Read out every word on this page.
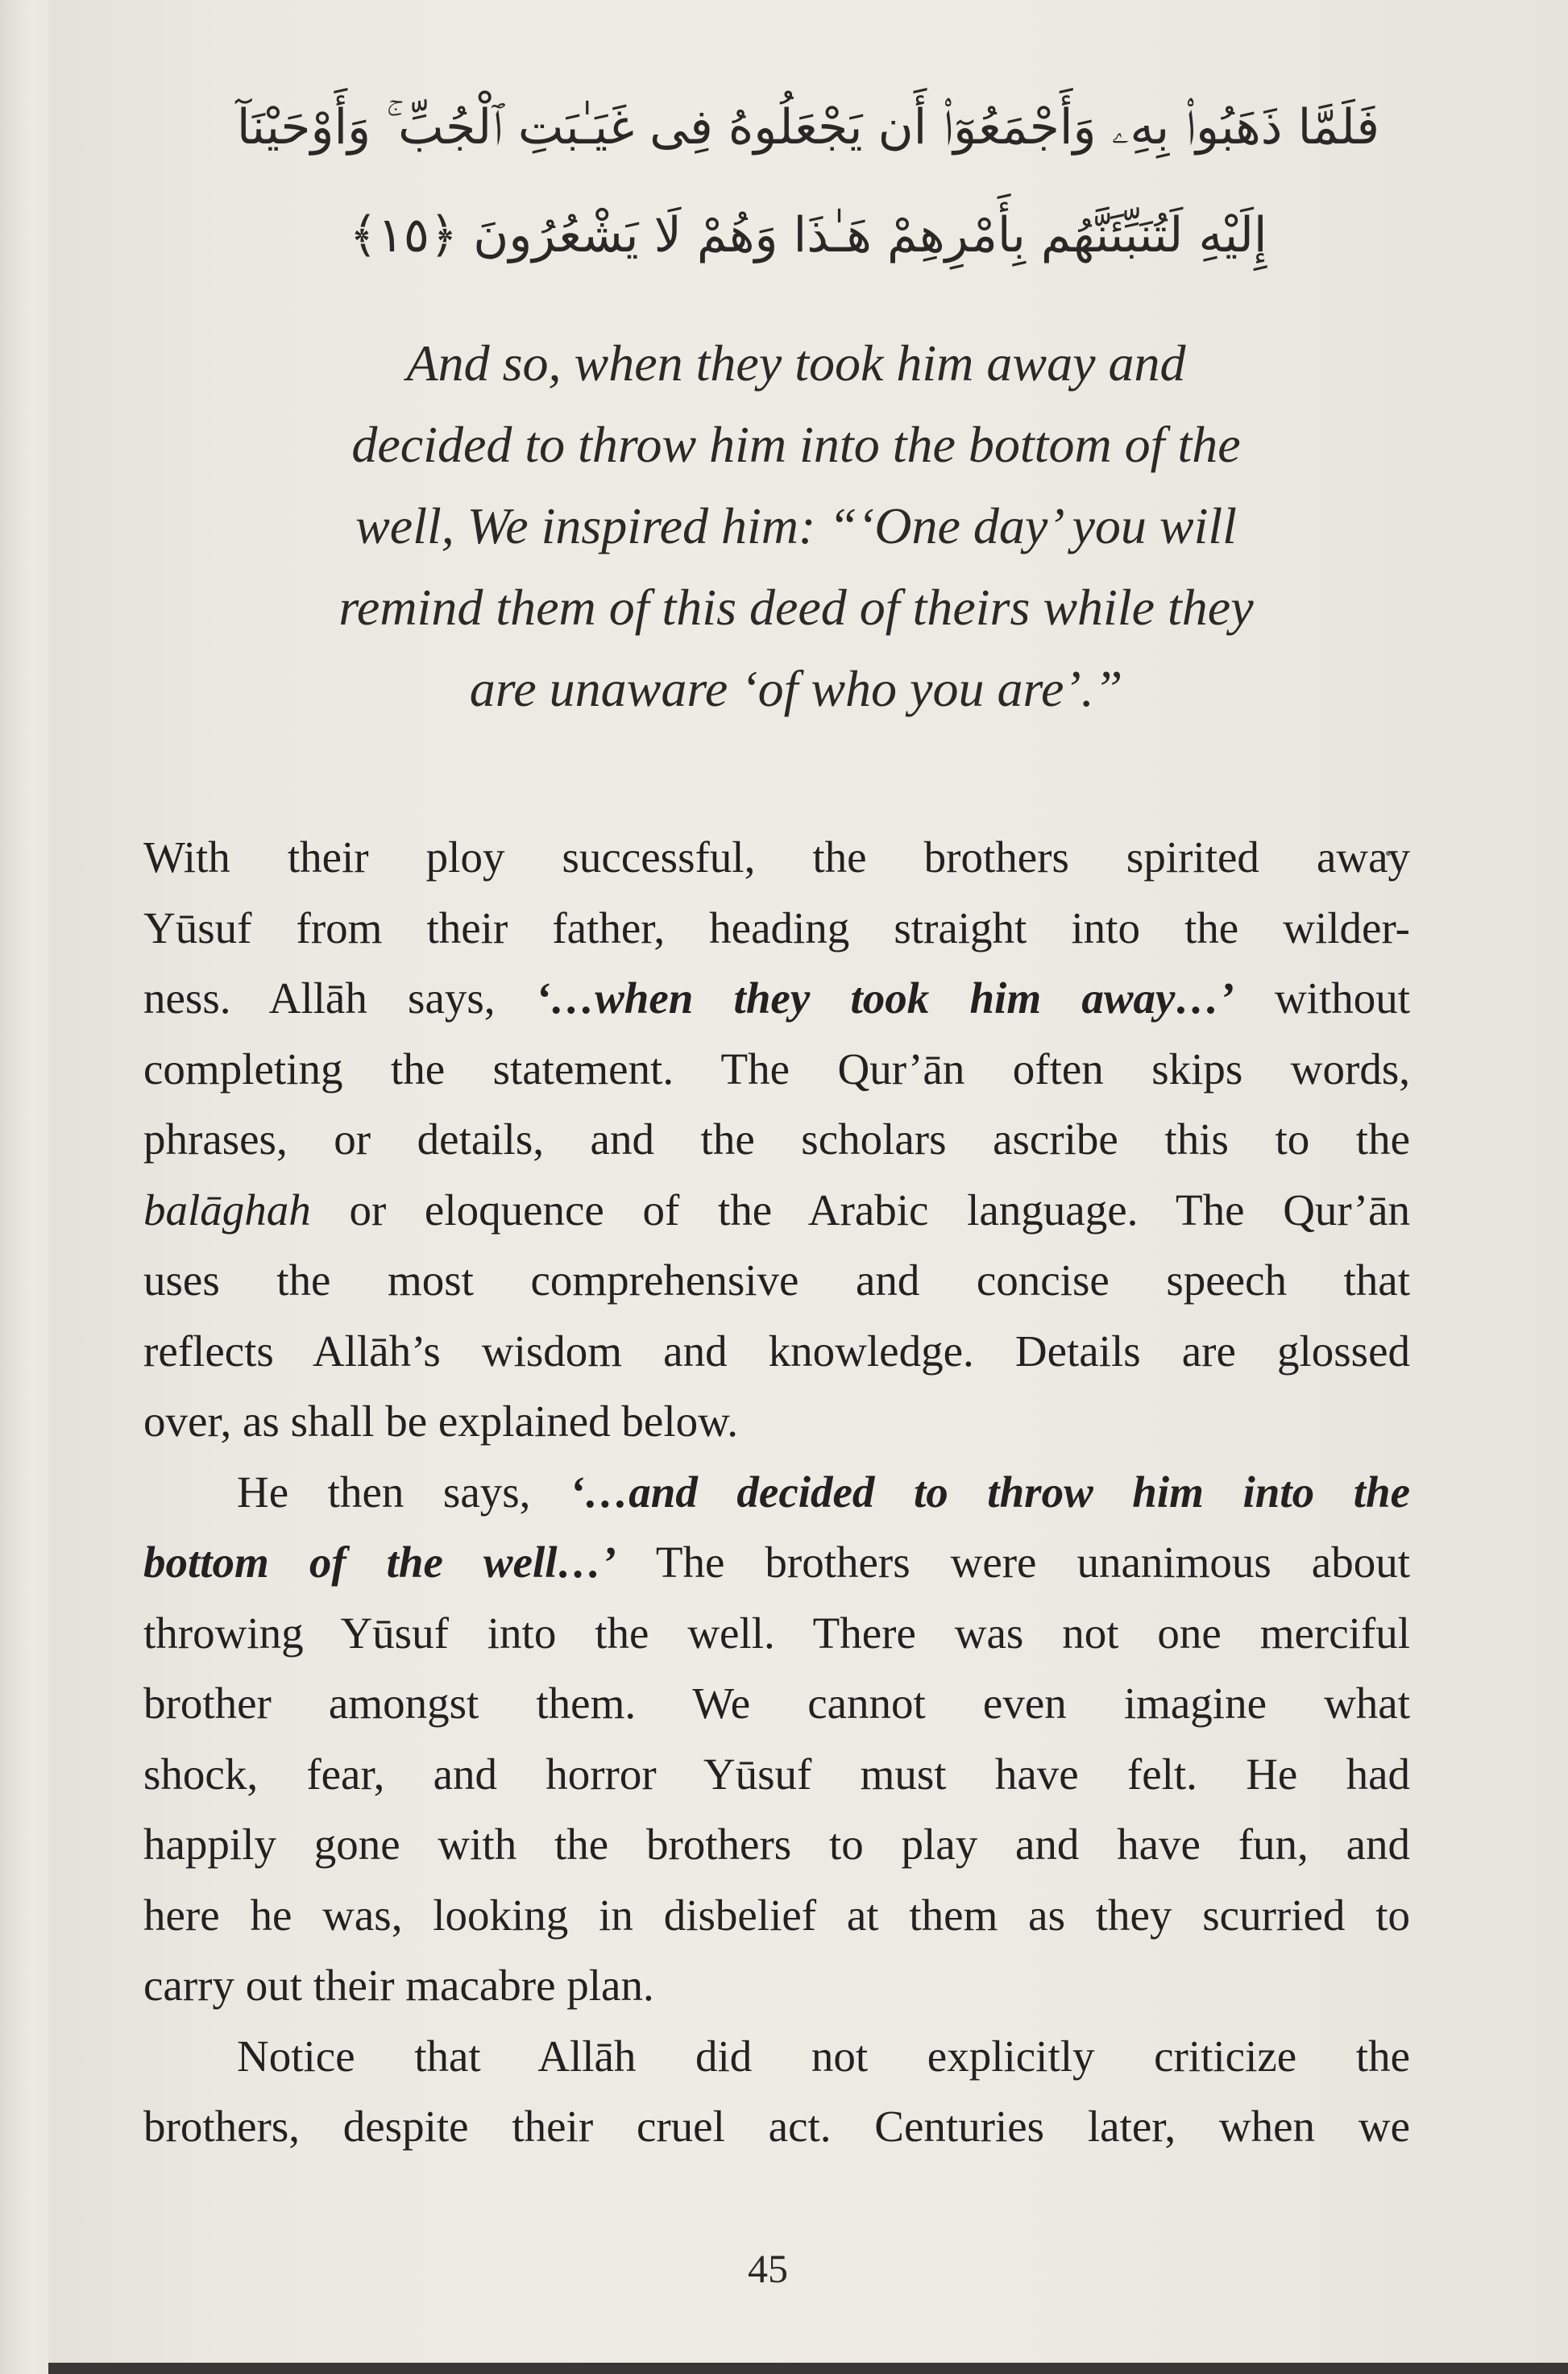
فَلَمَّا ذَهَبُوا۟ بِهِۦ وَأَجْمَعُوٓا۟ أَن يَجْعَلُوهُ فِى غَيَـٰبَتِ ٱلْجُبِّ ۚ وَأَوْحَيْنَآ
إِلَيْهِ لَتُنَبِّئَنَّهُم بِأَمْرِهِمْ هَـٰذَا وَهُمْ لَا يَشْعُرُونَ ﴿١٥﴾
And so, when they took him away and
decided to throw him into the bottom of the
well, We inspired him: “‘One day’ you will
remind them of this deed of theirs while they
are unaware ‘of who you are’.”
With their ploy successful, the brothers spirited away
Yūsuf from their father, heading straight into the wilder-
ness. Allāh says, ‘…when they took him away…’ without
completing the statement. The Qur’ān often skips words,
phrases, or details, and the scholars ascribe this to the
balāghah or eloquence of the Arabic language. The Qur’ān
uses the most comprehensive and concise speech that
reflects Allāh’s wisdom and knowledge. Details are glossed
over, as shall be explained below.
He then says, ‘…and decided to throw him into the
bottom of the well…’ The brothers were unanimous about
throwing Yūsuf into the well. There was not one merciful
brother amongst them. We cannot even imagine what
shock, fear, and horror Yūsuf must have felt. He had
happily gone with the brothers to play and have fun, and
here he was, looking in disbelief at them as they scurried to
carry out their macabre plan.
Notice that Allāh did not explicitly criticize the
brothers, despite their cruel act. Centuries later, when we
45
